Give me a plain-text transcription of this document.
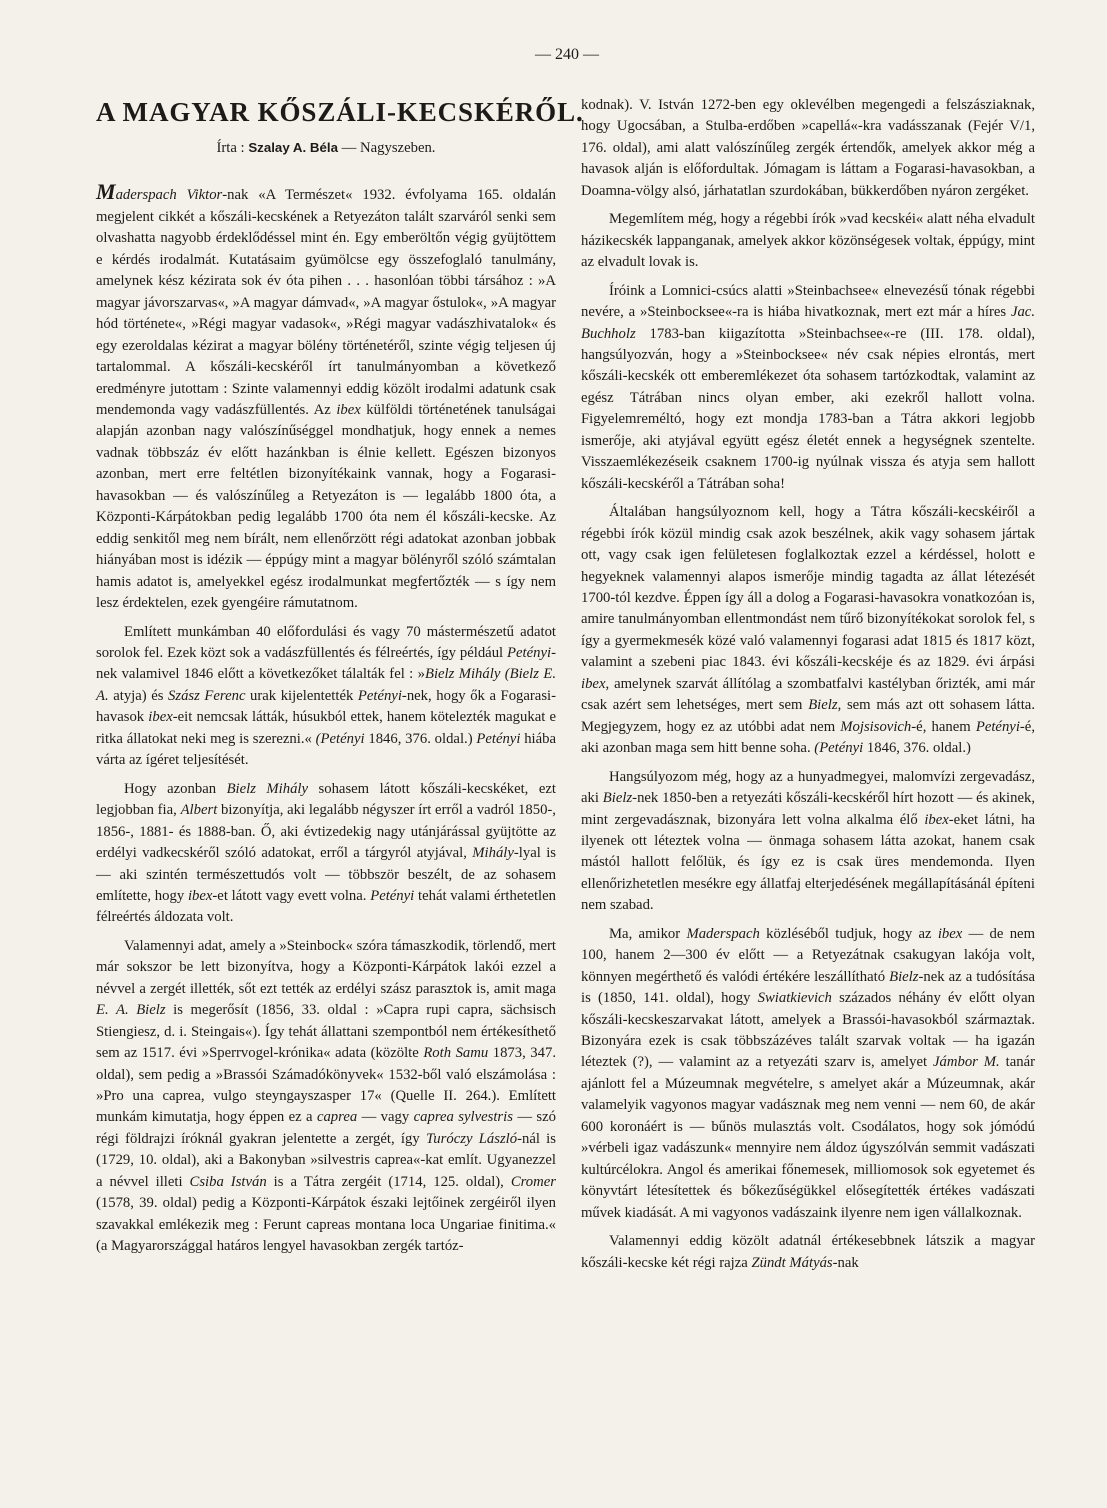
— 240 —
A MAGYAR KŐSZÁLI-KECSKÉRŐL.
Írta : Szalay A. Béla — Nagyszeben.

Maderspach Viktor-nak «A Természet« 1932. évfolyama 165. oldalán megjelent cikkét a kőszáli-kecskének a Retyezáton talált szarváról senki sem olvashatta nagyobb érdeklődéssel mint én. Egy emberöltőn végig gyüjtöttem e kérdés irodalmát. Kutatásaim gyümölcse egy összefoglaló tanulmány, amelynek kész kézirata sok év óta pihen . . . hasonlóan többi társához : »A magyar jávorszarvas«, »A magyar dámvad«, »A magyar őstulok«, »A magyar hód története«, »Régi magyar vadasok«, »Régi magyar vadászhivatalok« és egy ezeroldalas kézirat a magyar bölény történetéről, szinte végig teljesen új tartalommal. A kőszáli-kecskéről írt tanulmányomban a következő eredményre jutottam : Szinte valamennyi eddig közölt irodalmi adatunk csak mendemonda vagy vadászfüllentés. Az ibex külföldi történetének tanulságai alapján azonban nagy valószínűséggel mondhatjuk, hogy ennek a nemes vadnak többszáz év előtt hazánkban is élnie kellett. Egészen bizonyos azonban, mert erre feltétlen bizonyítékaink vannak, hogy a Fogarasi-havasokban — és valószínűleg a Retyezáton is — legalább 1800 óta, a Központi-Kárpátokban pedig legalább 1700 óta nem él kőszáli-kecske. Az eddig senkitől meg nem bírált, nem ellenőrzött régi adatokat azonban jobbak hiányában most is idézik — éppúgy mint a magyar bölényről szóló számtalan hamis adatot is, amelyekkel egész irodalmunkat megfertőzték — s így nem lesz érdektelen, ezek gyengéire rámutatnom.

Említett munkámban 40 előfordulási és vagy 70 mástermészetű adatot sorolok fel. Ezek közt sok a vadászfüllentés és félreértés, így például Petényi-nek valamivel 1846 előtt a következőket tálalták fel : »Bielz Mihály (Bielz E. A. atyja) és Szász Ferenc urak kijelentették Petényi-nek, hogy ők a Fogarasi-havasok ibex-eit nemcsak látták, húsukból ettek, hanem kötelezték magukat e ritka állatokat neki meg is szerezni.« (Petényi 1846, 376. oldal.) Petényi hiába várta az ígéret teljesítését.

Hogy azonban Bielz Mihály sohasem látott kőszáli-kecskéket, ezt legjobban fia, Albert bizonyítja, aki legalább négyszer írt erről a vadról 1850-, 1856-, 1881- és 1888-ban. Ő, aki évtizedekig nagy utánjárással gyüjtötte az erdélyi vadkecskéről szóló adatokat, erről a tárgyról atyjával, Mihály-lyal is — aki szintén természettudós volt — többször beszélt, de az sohasem említette, hogy ibex-et látott vagy evett volna. Petényi tehát valami érthetetlen félreértés áldozata volt.

Valamennyi adat, amely a »Steinbock« szóra támaszkodik, törlendő, mert már sokszor be lett bizonyítva, hogy a Központi-Kárpátok lakói ezzel a névvel a zergét illették, sőt ezt tették az erdélyi szász parasztok is, amit maga E. A. Bielz is megerősít (1856, 33. oldal : »Capra rupi capra, sächsisch Stiengiesz, d. i. Steingais«). Így tehát állattani szempontból nem értékesíthető sem az 1517. évi »Sperrvogel-krónika« adata (közölte Roth Samu 1873, 347. oldal), sem pedig a »Brassói Számadókönyvek« 1532-ből való elszámolása : »Pro una caprea, vulgo steyngayszasper 17« (Quelle II. 264.). Említett munkám kimutatja, hogy éppen ez a caprea — vagy caprea sylvestris — szó régi földrajzi íróknál gyakran jelentette a zergét, így Turóczy László-nál is (1729, 10. oldal), aki a Bakonyban »silvestris caprea«-kat említ. Ugyanezzel a névvel illeti Csiba István is a Tátra zergéit (1714, 125. oldal), Cromer (1578, 39. oldal) pedig a Központi-Kárpátok északi lejtőinek zergéiről ilyen szavakkal emlékezik meg : Ferunt capreas montana loca Ungariae finitima.« (a Magyarországgal határos lengyel havasokban zergék tartóz-

kodnak). V. István 1272-ben egy oklevélben megengedi a felszásziaknak, hogy Ugocsában, a Stulba-erdőben »capellá«-kra vadásszanak (Fejér V/1, 176. oldal), ami alatt valószínűleg zergék értendők, amelyek akkor még a havasok alján is előfordultak. Jómagam is láttam a Fogarasi-havasokban, a Doamna-völgy alsó, járhatatlan szurdokában, bükkerdőben nyáron zergéket.

Megemlítem még, hogy a régebbi írók »vad kecskéi« alatt néha elvadult házikecskék lappanganak, amelyek akkor közönségesek voltak, éppúgy, mint az elvadult lovak is.

Íróink a Lomnici-csúcs alatti »Steinbachsee« elnevezésű tónak régebbi nevére, a »Steinbocksee«-ra is hiába hivatkoznak, mert ezt már a híres Jac. Buchholz 1783-ban kiigazította »Steinbachsee«-re (III. 178. oldal), hangsúlyozván, hogy a »Steinbocksee« név csak népies elrontás, mert kőszáli-kecskék ott emberemlékezet óta sohasem tartózkodtak, valamint az egész Tátrában nincs olyan ember, aki ezekről hallott volna. Figyelemreméltó, hogy ezt mondja 1783-ban a Tátra akkori legjobb ismerője, aki atyjával együtt egész életét ennek a hegységnek szentelte. Visszaemlékezéseik csaknem 1700-ig nyúlnak vissza és atyja sem hallott kőszáli-kecskéről a Tátrában soha!

Általában hangsúlyoznom kell, hogy a Tátra kőszáli-kecskéiről a régebbi írók közül mindig csak azok beszélnek, akik vagy sohasem jártak ott, vagy csak igen felületesen foglalkoztak ezzel a kérdéssel, holott e hegyeknek valamennyi alapos ismerője mindig tagadta az állat létezését 1700-tól kezdve. Éppen így áll a dolog a Fogarasi-havasokra vonatkozóan is, amire tanulmányomban ellentmondást nem tűrő bizonyítékokat sorolok fel, s így a gyermekmesék közé való valamennyi fogarasi adat 1815 és 1817 közt, valamint a szebeni piac 1843. évi kőszáli-kecskéje és az 1829. évi árpási ibex, amelynek szarvát állítólag a szombatfalvi kastélyban őrizték, ami már csak azért sem lehetséges, mert sem Bielz, sem más azt ott sohasem látta. Megjegyzem, hogy ez az utóbbi adat nem Mojsisovich-é, hanem Petényi-é, aki azonban maga sem hitt benne soha. (Petényi 1846, 376. oldal.)

Hangsúlyozom még, hogy az a hunyadmegyei, malomvízi zergevadász, aki Bielz-nek 1850-ben a retyezáti kőszáli-kecskéről hírt hozott — és akinek, mint zergevadásznak, bizonyára lett volna alkalma élő ibex-eket látni, ha ilyenek ott léteztek volna — önmaga sohasem látta azokat, hanem csak mástól hallott felőlük, és így ez is csak üres mendemonda. Ilyen ellenőrizhetetlen mesékre egy állatfaj elterjedésének megállapításánál építeni nem szabad.

Ma, amikor Maderspach közléséből tudjuk, hogy az ibex — de nem 100, hanem 2—300 év előtt — a Retyezátnak csakugyan lakója volt, könnyen megérthető és valódi értékére leszállítható Bielz-nek az a tudósítása is (1850, 141. oldal), hogy Swiatkievich százados néhány év előtt olyan kőszáli-kecskeszarvakat látott, amelyek a Brassói-havasokból származtak. Bizonyára ezek is csak többszázéves talált szarvak voltak — ha igazán léteztek (?), — valamint az a retyezáti szarv is, amelyet Jámbor M. tanár ajánlott fel a Múzeumnak megvételre, s amelyet akár a Múzeumnak, akár valamelyik vagyonos magyar vadásznak meg nem venni — nem 60, de akár 600 koronáért is — bűnös mulasztás volt. Csodálatos, hogy sok jómódú »vérbeli igaz vadászunk« mennyire nem áldoz úgyszólván semmit vadászati kultúrcélokra. Angol és amerikai főnemesek, milliomosok sok egyetemet és könyvtárt létesítettek és bőkezűségükkel elősegítették értékes vadászati művek kiadását. A mi vagyonos vadászaink ilyenre nem igen vállalkoznak.

Valamennyi eddig közölt adatnál értékesebbnek látszik a magyar kőszáli-kecske két régi rajza Zündt Mátyás-nak
